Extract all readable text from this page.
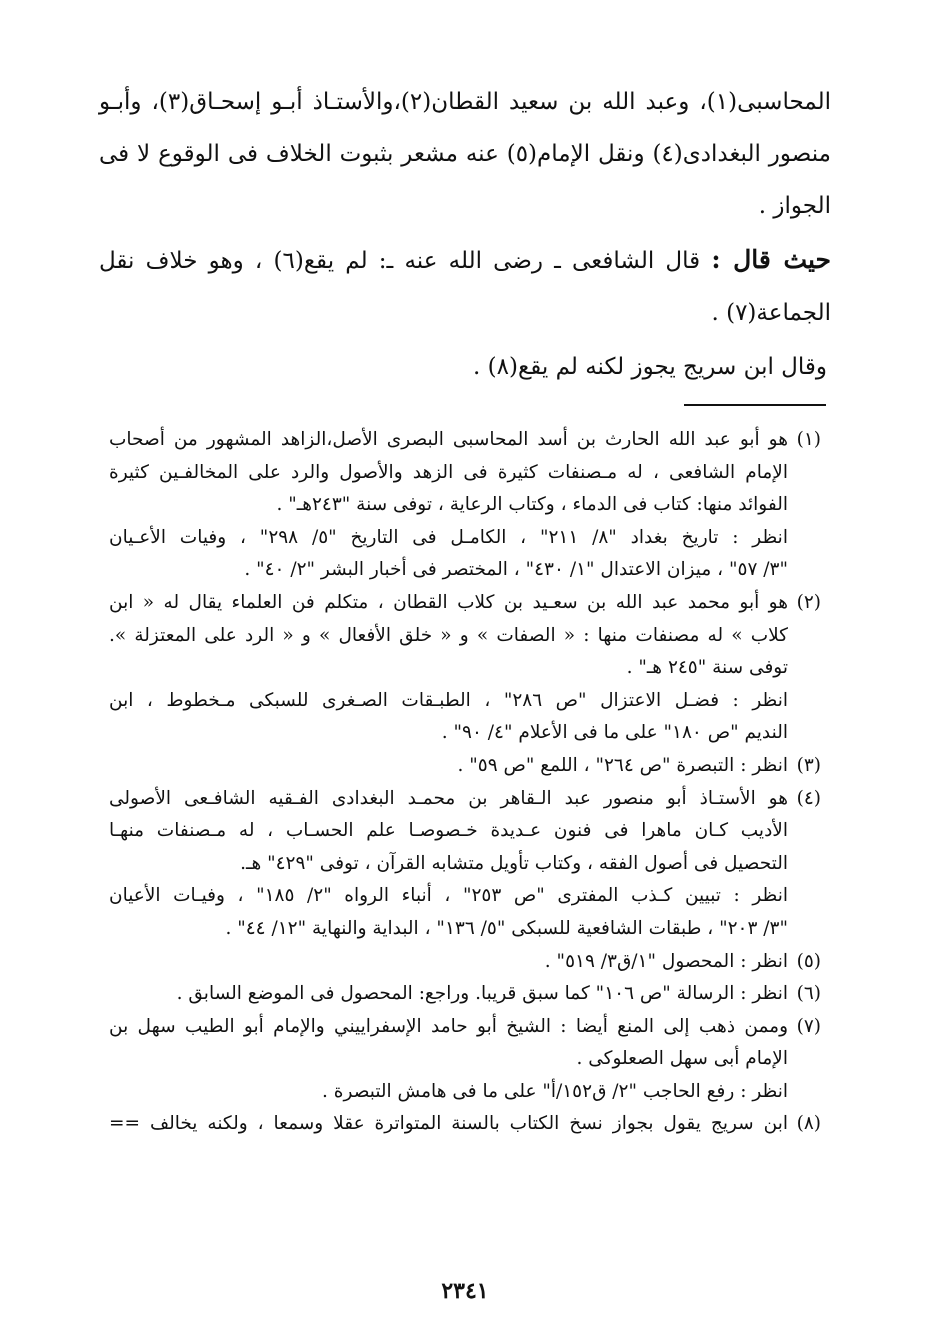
المحاسبى(١)، وعبد الله بن سعيد القطان(٢)،والأستـاذ أبـو إسحـاق(٣)، وأبـو منصور البغدادى(٤) ونقل الإمام(٥) عنه مشعر بثبوت الخلاف فى الوقوع لا فى الجواز .

حيث قال : قال الشافعى ـ رضى الله عنه ـ: لم يقع(٦) ، وهو خلاف نقل الجماعة(٧) .

وقال ابن سريج يجوز لكنه لم يقع(٨) .

(١)
هو أبو عبد الله الحارث بن أسد المحاسبى البصرى الأصل،الزاهد المشهور من أصحاب
الإمام الشافعى ، له مـصنفات كثيرة فى الزهد والأصول والرد على المخالفـين كثيرة
الفوائد منها: كتاب فى الدماء ، وكتاب الرعاية ، توفى سنة "٢٤٣هـ" .
انظر : تاريخ بغداد "٨/ ٢١١" ، الكامـل فى التاريخ "٥/ ٢٩٨" ، وفيات الأعـيان
"٣/ ٥٧" ، ميزان الاعتدال "١/ ٤٣٠" ، المختصر فى أخبار البشر "٢/ ٤٠" .
(٢)
هو أبو محمد عبد الله بن سعـيد بن كلاب القطان ، متكلم فن العلماء يقال له « ابن
كلاب » له مصنفات منها : « الصفات » و « خلق الأفعال » و « الرد على المعتزلة ».
توفى سنة "٢٤٥ هـ" .
انظر : فضـل الاعتزال "ص ٢٨٦" ، الطبـقات الصـغرى للسبكى مـخطوط ، ابن
النديم "ص ١٨٠" على ما فى الأعلام "٤/ ٩٠" .
(٣)
انظر : التبصرة "ص ٢٦٤" ، اللمع "ص ٥٩" .
(٤)
هو الأستـاذ أبو منصور عبد الـقاهر بن محمـد البغدادى الفـقيه الشافـعى الأصولى
الأديب كـان ماهرا فى فنون عـديدة خـصوصـا علم الحسـاب ، له مـصنفات منهـا
التحصيل فى أصول الفقه ، وكتاب تأويل متشابه القرآن ، توفى "٤٢٩" هـ.
انظر : تبيين كـذب المفترى "ص ٢٥٣" ، أنباء الرواه "٢/ ١٨٥" ، وفيـات الأعيان
"٣/ ٢٠٣" ، طبقات الشافعية للسبكى "٥/ ١٣٦" ، البداية والنهاية "١٢/ ٤٤" .
(٥)
انظر : المحصول "١/ق٣/ ٥١٩" .
(٦)
انظر : الرسالة "ص ١٠٦" كما سبق قريبا. وراجع: المحصول فى الموضع السابق .
(٧)
وممن ذهب إلى المنع أيضا : الشيخ أبو حامد الإسفراييني والإمام أبو الطيب سهل بن
الإمام أبى سهل الصعلوكى .
انظر : رفع الحاجب "٢/ ق١٥٢/أ" على ما فى هامش التبصرة .
(٨)
ابن سريج يقول بجواز نسخ الكتاب بالسنة المتواترة عقلا وسمعا ، ولكنه يخالف ==
٢٣٤١
